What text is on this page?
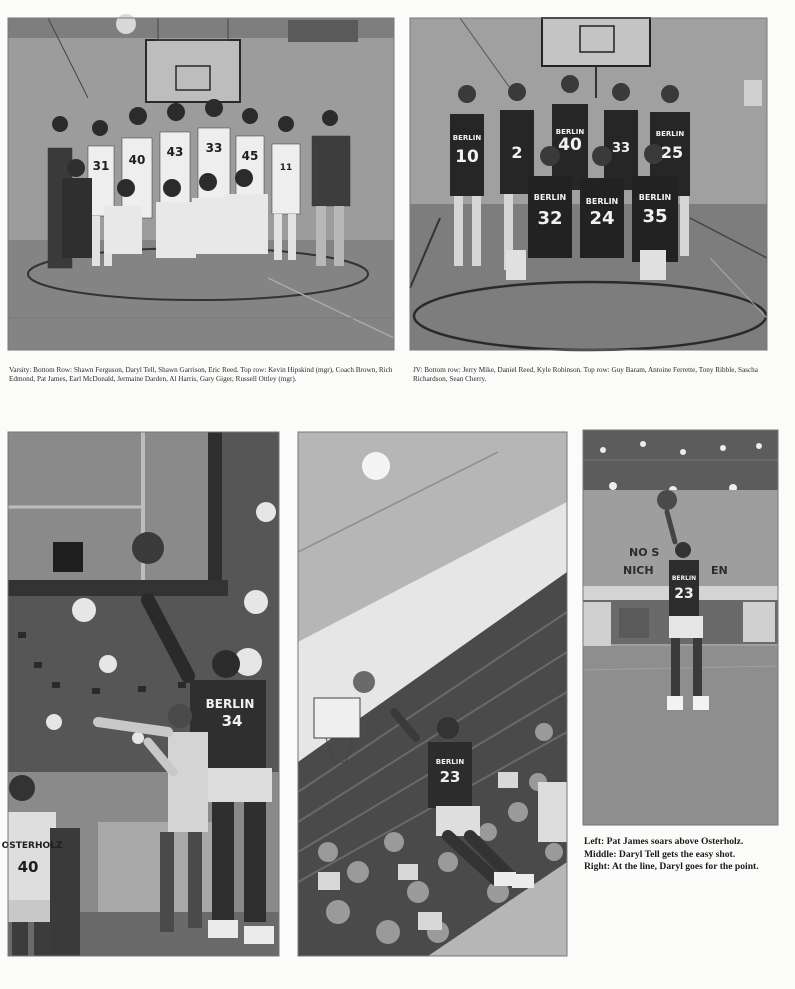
31 40
43 33
45
11
BERLIN
10 2
BERLIN
40 33
BERLIN
25
BERLIN
32
BERLIN
24
BERLIN
35
Varsity: Bottom Row: Shawn Ferguson, Daryl Tell, Shawn Garrison, Eric Reed. Top row: Kevin Hipskind (mgr), Coach Brown, Rich Edmond, Pat James, Earl McDonald, Jermaine Darden, Al Harris, Gary Giger, Russell Ottley (mgr).
JV: Bottom row: Jerry Mike, Daniel Reed, Kyle Robinson. Top row: Guy Baram, Antoine Ferrette, Tony Ribble, Sascha Richardson, Sean Cherry.
BERLIN
34
OSTERHOLZ
40
BERLIN
23
NO S
NICH	EN
BERLIN
23
Left: Pat James soars above Osterholz.
Middle: Daryl Tell gets the easy shot.
Right: At the line, Daryl goes for the point.
